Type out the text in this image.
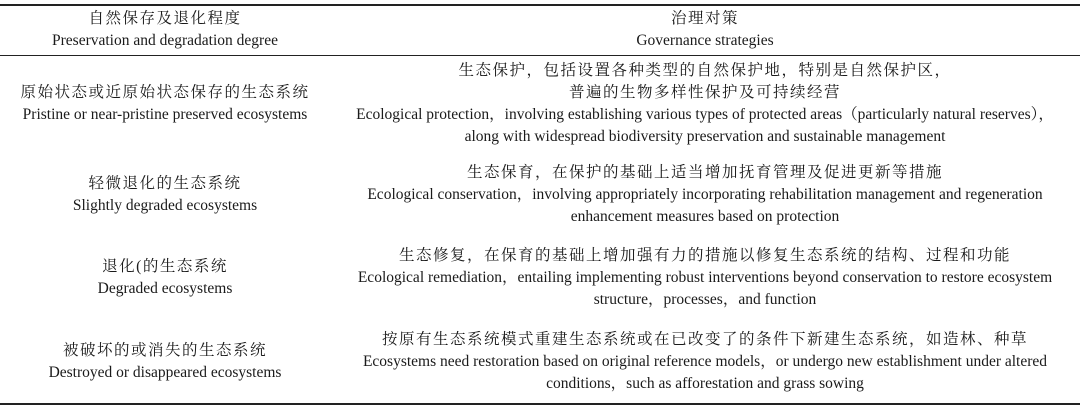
自然保存及退化程度
Preservation and degradation degree
治理对策
Governance strategies
原始状态或近原始状态保存的生态系统
Pristine or near-pristine preserved ecosystems
生态保护，包括设置各种类型的自然保护地，特别是自然保护区，
普遍的生物多样性保护及可持续经营
Ecological protection，involving establishing various types of protected areas（particularly natural reserves），
along with widespread biodiversity preservation and sustainable management
轻微退化的生态系统
Slightly degraded ecosystems
生态保育，在保护的基础上适当增加抚育管理及促进更新等措施
Ecological conservation，involving appropriately incorporating rehabilitation management and regeneration
enhancement measures based on protection
退化(的生态系统
Degraded ecosystems
生态修复，在保育的基础上增加强有力的措施以修复生态系统的结构、过程和功能
Ecological remediation，entailing implementing robust interventions beyond conservation to restore ecosystem
structure，processes，and function
被破坏的或消失的生态系统
Destroyed or disappeared ecosystems
按原有生态系统模式重建生态系统或在已改变了的条件下新建生态系统，如造林、种草
Ecosystems need restoration based on original reference models，or undergo new establishment under altered
conditions，such as afforestation and grass sowing
